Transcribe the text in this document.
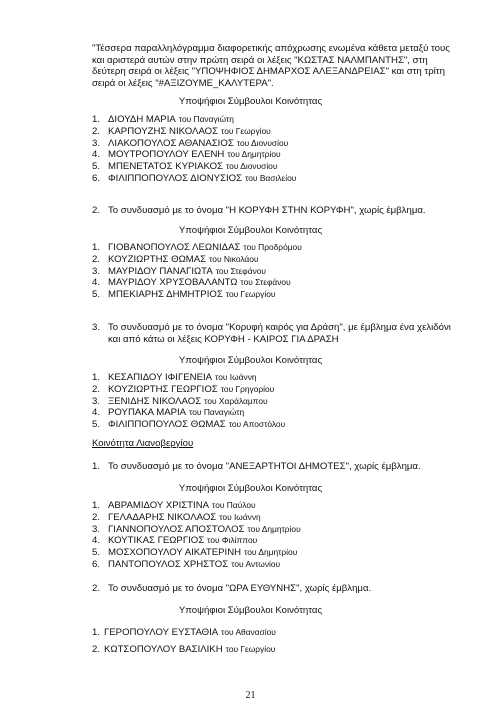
"Τέσσερα παραλληλόγραμμα διαφορετικής απόχρωσης ενωμένα κάθετα μεταξύ τους και αριστερά αυτών στην πρώτη σειρά οι λέξεις "ΚΩΣΤΑΣ ΝΑΛΜΠΑΝΤΗΣ", στη δεύτερη σειρά οι λέξεις "ΥΠΟΨΗΦΙΟΣ ΔΗΜΑΡΧΟΣ ΑΛΕΞΑΝΔΡΕΙΑΣ" και στη τρίτη σειρά οι λέξεις "#ΑΞΙΖΟΥΜΕ_ΚΑΛΥΤΕΡΑ".

Υποψήφιοι Σύμβουλοι Κοινότητας

1. ΔΙΟΥΔΗ ΜΑΡΙΑ του Παναγιώτη
2. ΚΑΡΠΟΥΖΗΣ ΝΙΚΟΛΑΟΣ του Γεωργίου
3. ΛΙΑΚΟΠΟΥΛΟΣ ΑΘΑΝΑΣΙΟΣ του Διονυσίου
4. ΜΟΥΤΡΟΠΟΥΛΟΥ ΕΛΕΝΗ του Δημητρίου
5. ΜΠΕΝΕΤΑΤΟΣ ΚΥΡΙΑΚΟΣ του Διονυσίου
6. ΦΙΛΙΠΠΟΠΟΥΛΟΣ ΔΙΟΝΥΣΙΟΣ του Βασιλείου

2. Το συνδυασμό με το όνομα "Η ΚΟΡΥΦΗ ΣΤΗΝ ΚΟΡΥΦΗ", χωρίς έμβλημα.

Υποψήφιοι Σύμβουλοι Κοινότητας

1. ΓΙΟΒΑΝΟΠΟΥΛΟΣ ΛΕΩΝΙΔΑΣ του Προδρόμου
2. ΚΟΥΖΙΩΡΤΗΣ ΘΩΜΑΣ του Νικολάου
3. ΜΑΥΡΙΔΟΥ ΠΑΝΑΓΙΩΤΑ του Στεφάνου
4. ΜΑΥΡΙΔΟΥ ΧΡΥΣΟΒΑΛΑΝΤΩ του Στεφάνου
5. ΜΠΕΚΙΑΡΗΣ ΔΗΜΗΤΡΙΟΣ του Γεωργίου

3. Το συνδυασμό με το όνομα "Κορυφή καιρός για Δράση", με έμβλημα ένα χελιδόνι και από κάτω οι λέξεις ΚΟΡΥΦΗ - ΚΑΙΡΟΣ ΓΙΑ ΔΡΑΣΗ

Υποψήφιοι Σύμβουλοι Κοινότητας

1. ΚΕΣΑΠΙΔΟΥ ΙΦΙΓΕΝΕΙΑ του Ιωάννη
2. ΚΟΥΖΙΩΡΤΗΣ ΓΕΩΡΓΙΟΣ του Γρηγορίου
3. ΞΕΝΙΔΗΣ ΝΙΚΟΛΑΟΣ του Χαράλαμπου
4. ΡΟΥΠΑΚΑ ΜΑΡΙΑ του Παναγιώτη
5. ΦΙΛΙΠΠΟΠΟΥΛΟΣ ΘΩΜΑΣ του Αποστόλου

Κοινότητα Λιανοβεργίου

1. Το συνδυασμό με το όνομα "ΑΝΕΞΑΡΤΗΤΟΙ ΔΗΜΟΤΕΣ", χωρίς έμβλημα.

Υποψήφιοι Σύμβουλοι Κοινότητας

1. ΑΒΡΑΜΙΔΟΥ ΧΡΙΣΤΙΝΑ του Παύλου
2. ΓΕΛΑΔΑΡΗΣ ΝΙΚΟΛΑΟΣ του Ιωάννη
3. ΓΙΑΝΝΟΠΟΥΛΟΣ ΑΠΟΣΤΟΛΟΣ του Δημητρίου
4. ΚΟΥΤΙΚΑΣ ΓΕΩΡΓΙΟΣ του Φιλίππου
5. ΜΟΣΧΟΠΟΥΛΟΥ ΑΙΚΑΤΕΡΙΝΗ του Δημητρίου
6. ΠΑΝΤΟΠΟΥΛΟΣ ΧΡΗΣΤΟΣ του Αντωνίου

2. Το συνδυασμό με το όνομα "ΩΡΑ ΕΥΘΥΝΗΣ", χωρίς έμβλημα.

Υποψήφιοι Σύμβουλοι Κοινότητας

1. ΓΕΡΟΠΟΥΛΟΥ ΕΥΣΤΑΘΙΑ του Αθανασίου
2. ΚΩΤΣΟΠΟΥΛΟΥ ΒΑΣΙΛΙΚΗ του Γεωργίου
21
